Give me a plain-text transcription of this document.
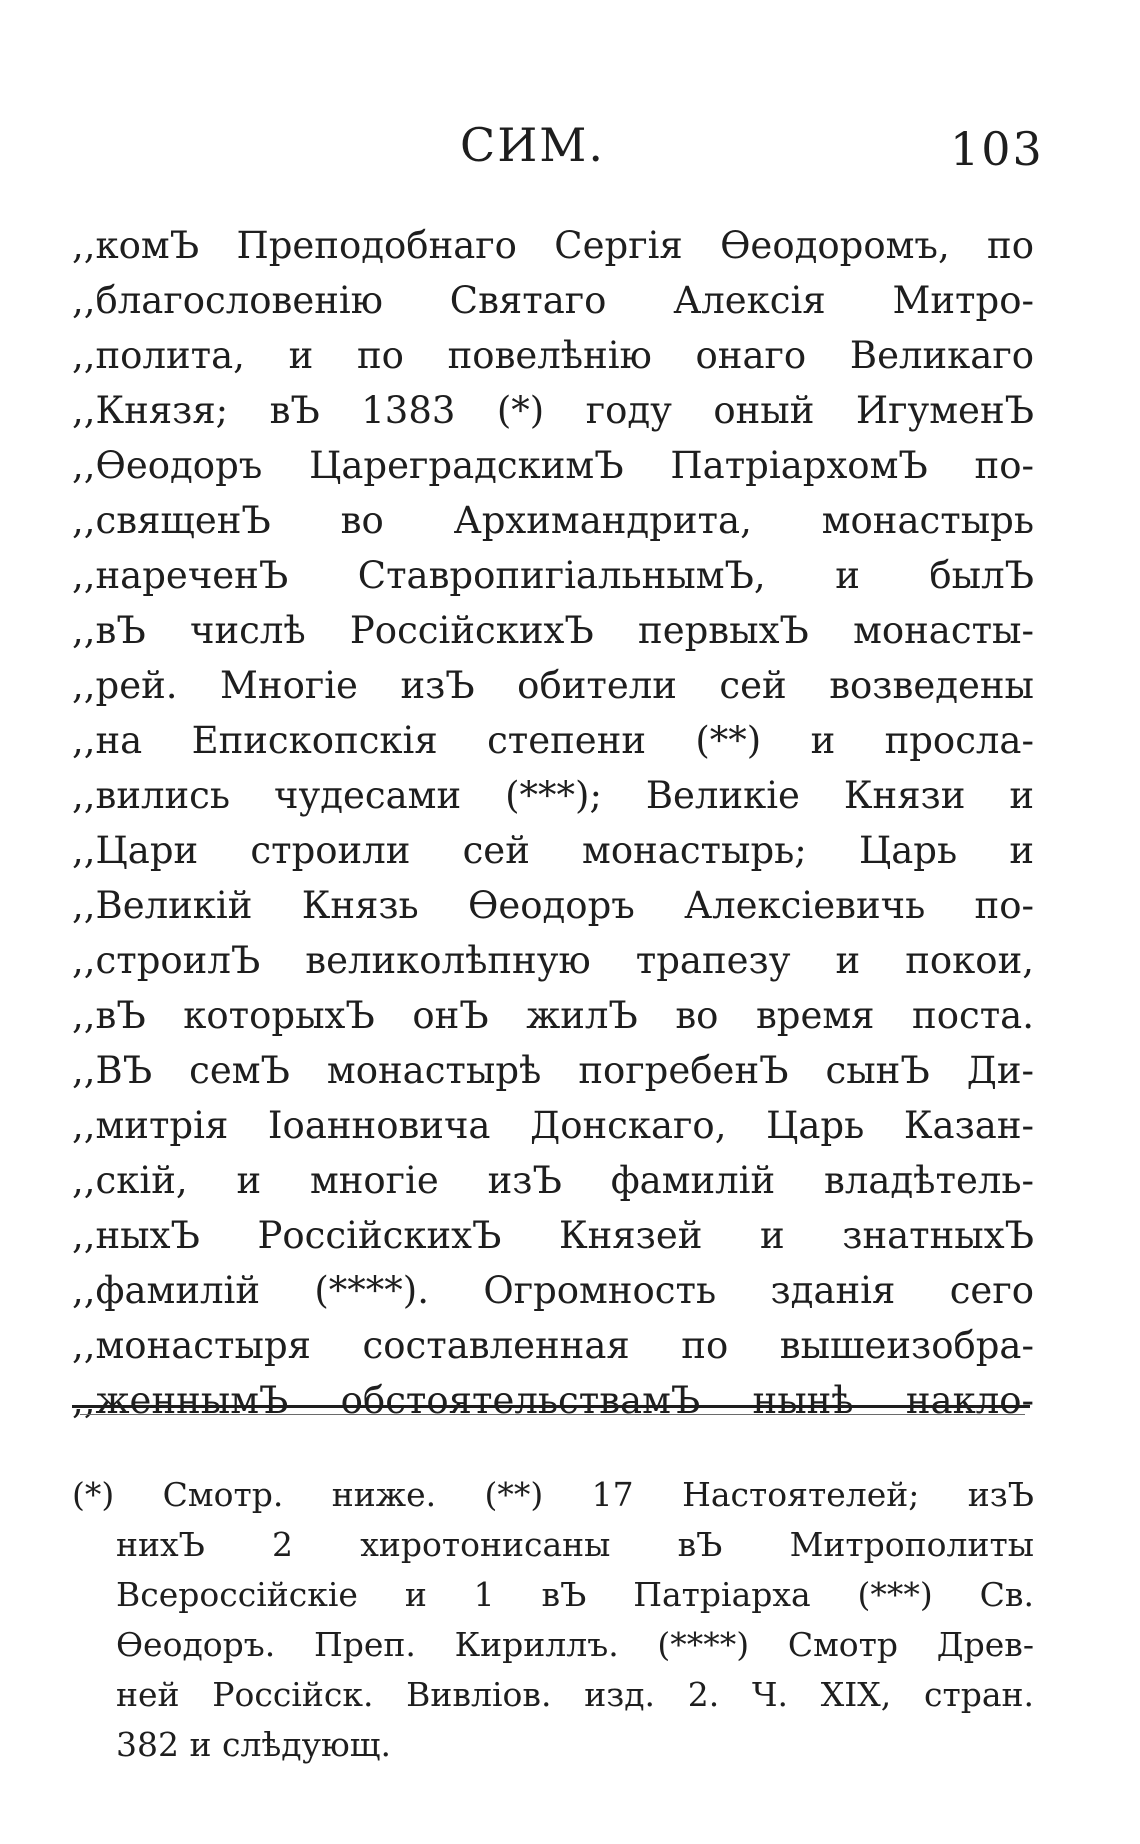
СИМ.	103
,,комЪ Преподобнаго Сергія Ѳеодоромъ, по
,,благословенію Святаго Алексія Митро-
,,полита, и по повелѣнію онаго Великаго
,,Князя; вЪ 1383 (*) году оный ИгуменЪ
,,Ѳеодоръ ЦареградскимЪ ПатріархомЪ по-
,,священЪ во Архимандрита, монастырь
,,нареченЪ СтавропигіальнымЪ, и былЪ
,,вЪ числѣ РоссійскихЪ первыхЪ монасты-
,,рей. Многіе изЪ обители сей возведены
,,на Епископскія степени (**) и просла-
,,вились чудесами (***); Великіе Князи и
,,Цари строили сей монастырь; Царь и
,,Великій Князь Ѳеодоръ Алексіевичь по-
,,строилЪ великолѣпную трапезу и покои,
,,вЪ которыхЪ онЪ жилЪ во время поста.
,,ВЪ семЪ монастырѣ погребенЪ сынЪ Ди-
,,митрія Іоанновича Донскаго, Царь Казан-
,,скій, и многіе изЪ фамилій владѣтель-
,,ныхЪ РоссійскихЪ Князей и знатныхЪ
,,фамилій (****). Огромность зданія сего
,,монастыря составленная по вышеизобра-
,,женнымЪ обстоятельствамЪ нынѣ накло-
(*) Смотр. ниже. (**) 17 Настоятелей; изЪ
нихЪ 2 хиротонисаны вЪ Митрополиты
Всероссійскіе и 1 вЪ Патріарха (***) Св.
Ѳеодоръ. Преп. Кириллъ. (****) Смотр Древ-
ней Россійск. Вивліов. изд. 2. Ч. XIX, стран.
382 и слѣдующ.
